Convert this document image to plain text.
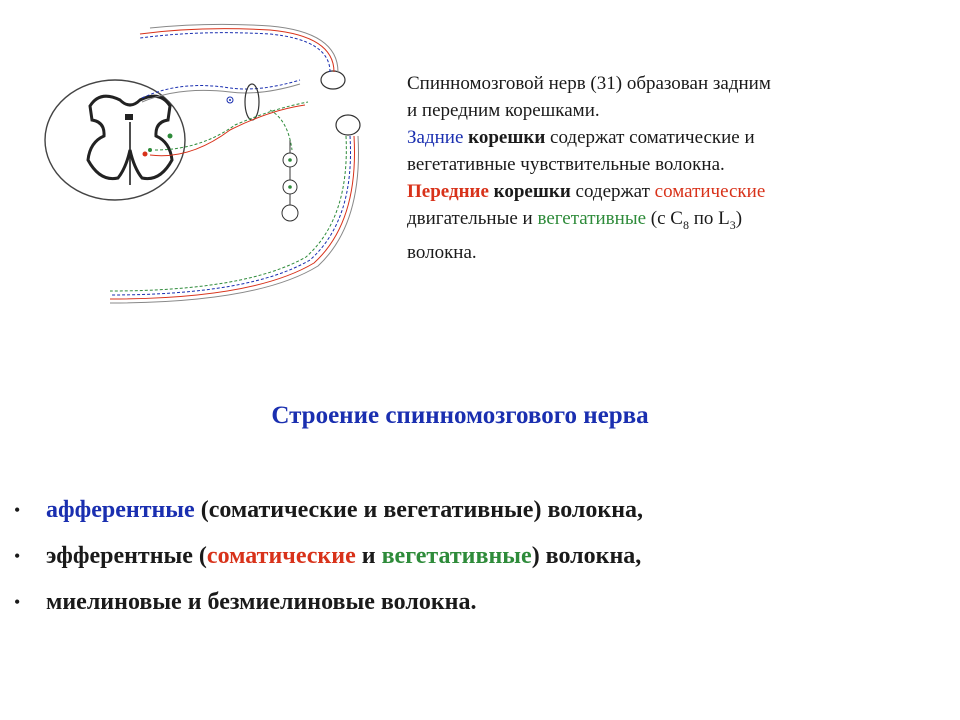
Спинномозговой нерв (31) образован задним

и передним корешками.

Задние корешки содержат соматические и

вегетативные чувствительные волокна.

Передние корешки содержат соматические

двигательные и вегетативные (с $С_8$ по $L_3$)

волокна.

Строение спинномозгового нерва
• афферентные (соматические и вегетативные) волокна,
• эфферентные (соматические и вегетативные) волокна,
• миелиновые и безмиелиновые волокна.
